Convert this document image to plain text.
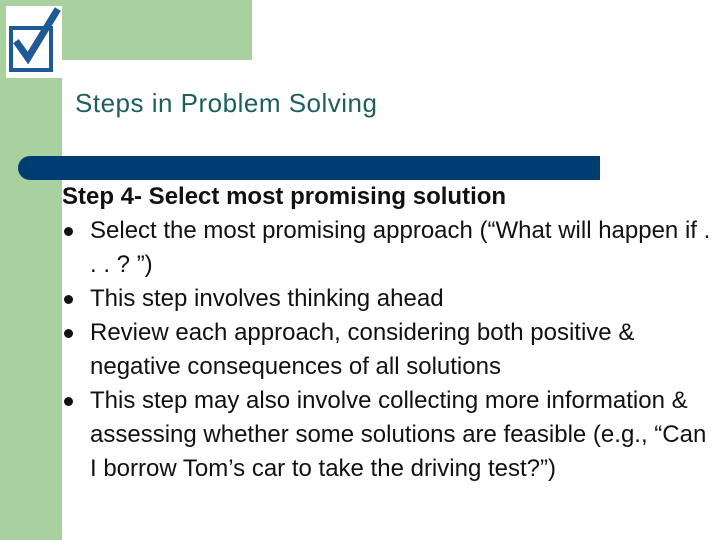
Steps in Problem Solving

Step 4- Select most promising solution

Select the most promising approach (“What will happen if . . . ? ”)
This step involves thinking ahead
Review each approach, considering both positive & negative consequences of all solutions
This step may also involve collecting more information & assessing whether some solutions are feasible (e.g., “Can I borrow Tom’s car to take the driving test?”)
